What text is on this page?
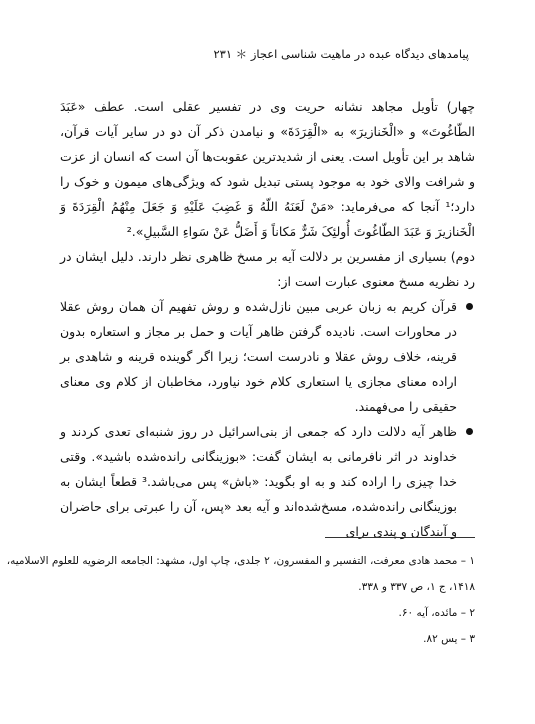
پیامدهای دیدگاه عبده در ماهیت شناسی اعجاز ＊ ۲۳۱

چهار) تأویل مجاهد نشانه حریت وی در تفسیر عقلی است. عطف «عَبَدَ الطّاغُوتَ» و «الْخَنازیرَ» به «الْقِرَدَةَ» و نیامدن ذکر آن دو در سایر آیات قرآن، شاهد بر این تأویل است. یعنی از شدیدترین عقوبت‌ها آن است که انسان از عزت و شرافت والای خود به موجود پستی تبدیل شود که ویژگی‌های میمون و خوک را دارد؛¹ آنجا که می‌فرماید: «مَنْ لَعَنَهُ اللّهُ وَ غَضِبَ عَلَیْهِ وَ جَعَلَ مِنْهُمُ الْقِرَدَةَ وَ الْخَنازیرَ وَ عَبَدَ الطّاغُوتَ أُولئِکَ شَرٌّ مَکاناً وَ أَضَلُّ عَنْ سَواءِ السَّبیلِ».²

دوم) بسیاری از مفسرین بر دلالت آیه بر مسخ ظاهری نظر دارند. دلیل ایشان در رد نظریه مسخ معنوی عبارت است از:

قرآن کریم به زبان عربی مبین نازل‌شده و روش تفهیم آن همان روش عقلا در محاورات است. نادیده گرفتن ظاهر آیات و حمل بر مجاز و استعاره بدون قرینه، خلاف روش عقلا و نادرست است؛ زیرا اگر گوینده قرینه و شاهدی بر اراده معنای مجازی یا استعاری کلام خود نیاورد، مخاطبان از کلام وی معنای حقیقی را می‌فهمند.
ظاهر آیه دلالت دارد که جمعی از بنی‌اسرائیل در روز شنبه‌ای تعدی کردند و خداوند در اثر نافرمانی به ایشان گفت: «بوزینگانی رانده‌شده باشید». وقتی خدا چیزی را اراده کند و به او بگوید: «باش» پس می‌باشد.³ قطعاً ایشان به بوزینگانی رانده‌شده، مسخ‌شده‌اند و آیه بعد «پس، آن را عبرتی برای حاضران و آیندگان و پندی برای
۱ – محمد هادی معرفت، التفسیر و المفسرون، ۲ جلدی، چاپ اول، مشهد: الجامعه الرضویه للعلوم الاسلامیه،
۱۴۱۸، ج ۱، ص ۳۳۷ و ۳۳۸.
۲ – مائده، آیه ۶۰.
۳ – یس ۸۲.
